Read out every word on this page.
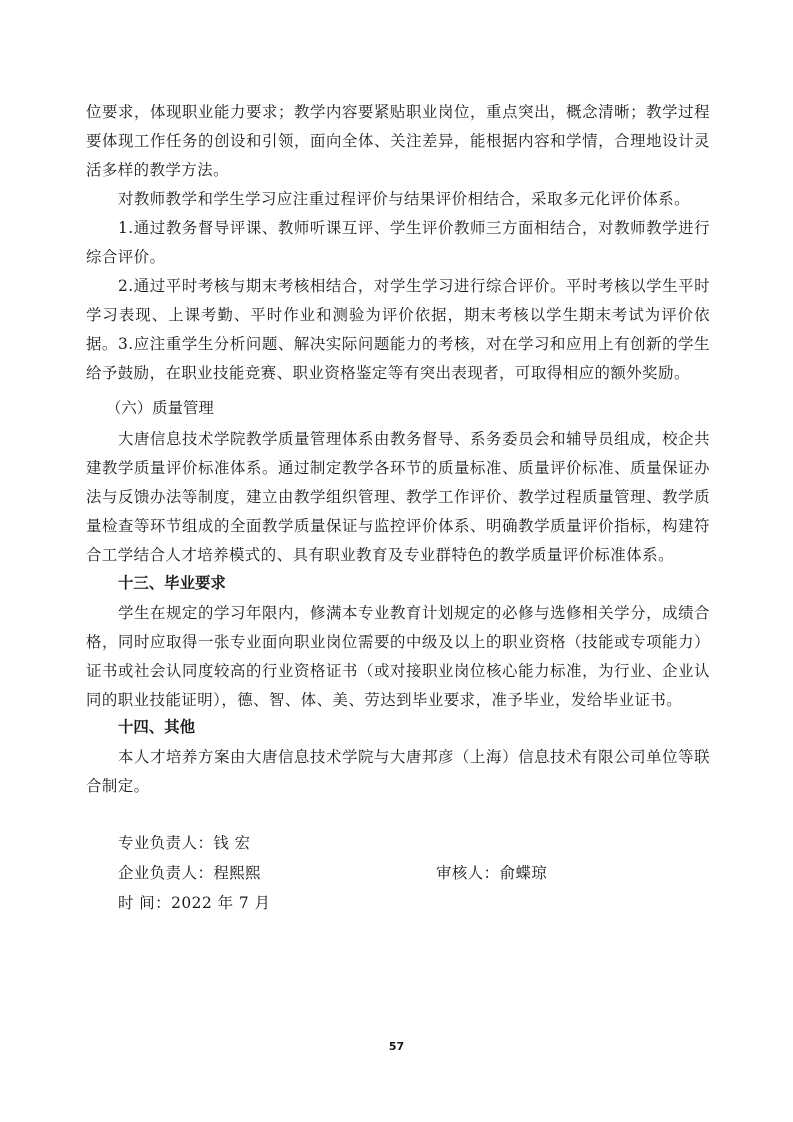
位要求，体现职业能力要求；教学内容要紧贴职业岗位，重点突出，概念清晰；教学过程要体现工作任务的创设和引领，面向全体、关注差异，能根据内容和学情，合理地设计灵活多样的教学方法。

对教师教学和学生学习应注重过程评价与结果评价相结合，采取多元化评价体系。

1.通过教务督导评课、教师听课互评、学生评价教师三方面相结合，对教师教学进行综合评价。

2.通过平时考核与期末考核相结合，对学生学习进行综合评价。平时考核以学生平时学习表现、上课考勤、平时作业和测验为评价依据，期末考核以学生期末考试为评价依据。 3.应注重学生分析问题、解决实际问题能力的考核，对在学习和应用上有创新的学生给予鼓励，在职业技能竞赛、职业资格鉴定等有突出表现者，可取得相应的额外奖励。

（六）质量管理

大唐信息技术学院教学质量管理体系由教务督导、系务委员会和辅导员组成，校企共建教学质量评价标准体系。通过制定教学各环节的质量标准、质量评价标准、质量保证办法与反馈办法等制度，建立由教学组织管理、教学工作评价、教学过程质量管理、教学质量检查等环节组成的全面教学质量保证与监控评价体系、明确教学质量评价指标，构建符合工学结合人才培养模式的、具有职业教育及专业群特色的教学质量评价标准体系。

十三、毕业要求

学生在规定的学习年限内，修满本专业教育计划规定的必修与选修相关学分，成绩合格，同时应取得一张专业面向职业岗位需要的中级及以上的职业资格（技能或专项能力）证书或社会认同度较高的行业资格证书（或对接职业岗位核心能力标准，为行业、企业认同的职业技能证明），德、智、体、美、劳达到毕业要求，准予毕业，发给毕业证书。

十四、其他

本人才培养方案由大唐信息技术学院与大唐邦彦（上海）信息技术有限公司单位等联合制定。

专业负责人：钱 宏

企业负责人：程熙熙	审核人：俞蝶琼

时 间：2022 年 7 月

57
